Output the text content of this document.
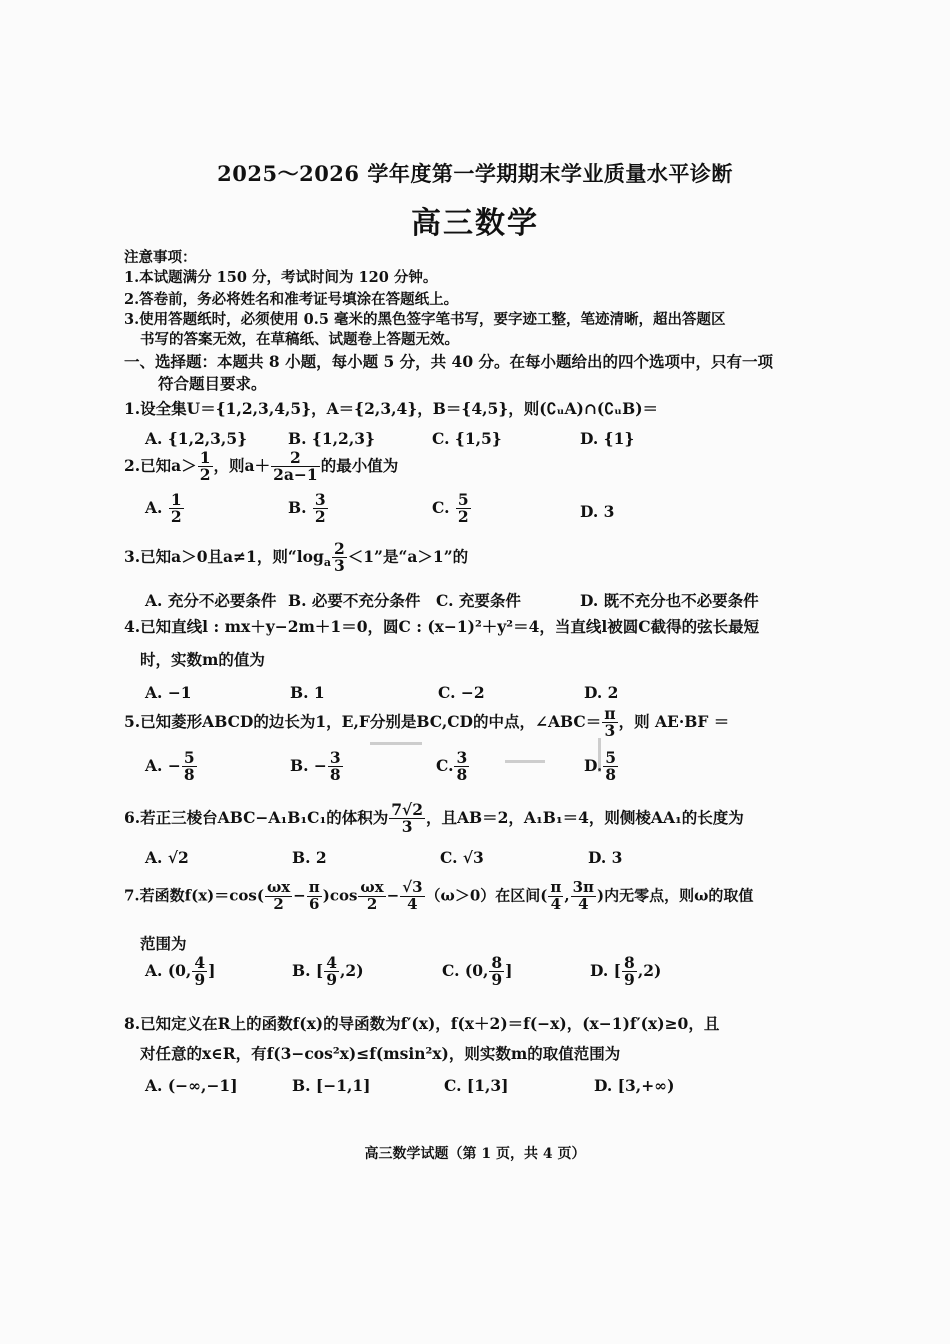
2025～2026 学年度第一学期期末学业质量水平诊断
高三数学
注意事项：
1.本试题满分 150 分，考试时间为 120 分钟。
2.答卷前，务必将姓名和准考证号填涂在答题纸上。
3.使用答题纸时，必须使用 0.5 毫米的黑色签字笔书写，要字迹工整，笔迹清晰，超出答题区
书写的答案无效，在草稿纸、试题卷上答题无效。
一、选择题：本题共 8 小题，每小题 5 分，共 40 分。在每小题给出的四个选项中，只有一项
符合题目要求。
1.设全集U＝{1,2,3,4,5}，A＝{2,3,4}，B＝{4,5}，则(∁ᵤA)∩(∁ᵤB)＝
A. {1,2,3,5}	B. {1,2,3}	C. {1,5}	D. {1}
2.已知$a> \frac{1}{2}$ ，则$a+ \frac{2}{2a-1}$ 的最小值为
A. $\frac{1}{2}$	B. $\frac{3}{2}$	C. $\frac{5}{2}$	D. 3
3.已知a＞0且a≠1，则“$\log_a \frac{2}{3} <1$”是“a＞1”的
A. 充分不必要条件 B. 必要不充分条件 C. 充要条件	D. 既不充分也不必要条件
4.已知直线l : mx＋y−2m＋1＝0，圆C : (x−1)²＋y²＝4，当直线l被圆C截得的弦长最短
时，实数m的值为
A. −1	B. 1	C. −2	D. 2
5.已知菱形ABCD的边长为1，E,F分别是BC,CD的中点，∠ABC＝ $\frac{\pi}{3}$ ，则 AE·BF ＝
A. − $\frac{5}{8}$	B. − $\frac{3}{8}$	C. $\frac{3}{8}$	D. $\frac{5}{8}$
6.若正三棱台ABC−A₁B₁C₁的体积为 $\frac{7√2}{3}$ ，且AB＝2，A₁B₁＝4，则侧棱AA₁的长度为
A. √2	B. 2	C. √3	D. 3
7.若函数$f(x)=\cos( \frac{\omega x}{2} - \frac{\pi}{6} )\cos \frac{\omega x}{2} - \frac{√3}{4} (\omega>0)$在区间( $\frac{\pi}{4}$ , $\frac{3\pi}{4}$ )内无零点，则ω的取值
范围为
A. (0, $\frac{4}{9}$ ]	B. [ $\frac{4}{9} ,2$)	C. (0, $\frac{8}{9}$ ]	D. [ $\frac{8}{9} ,2$)
8.已知定义在R上的函数f(x)的导函数为f′(x)，f(x＋2)＝f(−x)，(x−1)f′(x)≥0，且
对任意的x∈R，有f(3−cos²x)≤f(msin²x)，则实数m的取值范围为
A. (−∞,−1]	B. [−1,1]	C. [1,3]	D. [3,+∞)
高三数学试题（第 1 页，共 4 页）
